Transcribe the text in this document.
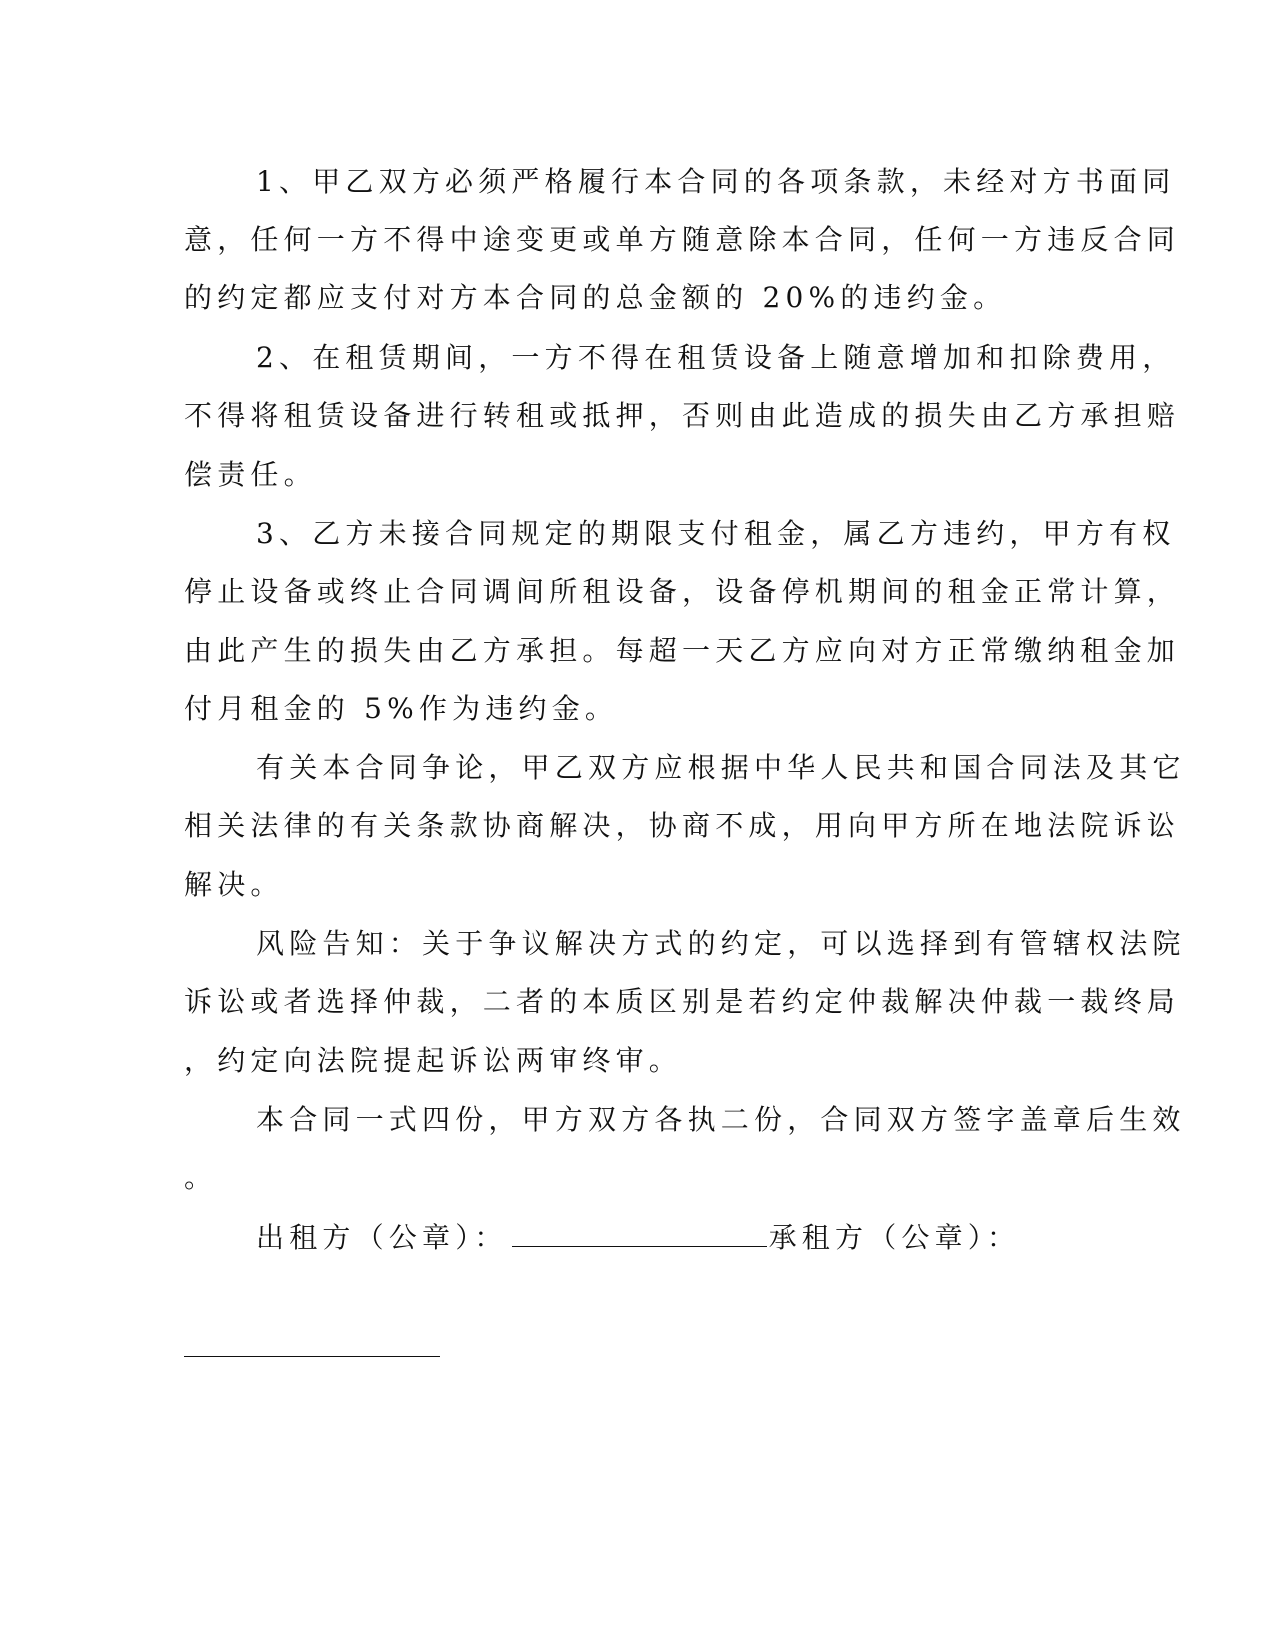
1、甲乙双方必须严格履行本合同的各项条款，未经对方书面同
意，任何一方不得中途变更或单方随意除本合同，任何一方违反合同
的约定都应支付对方本合同的总金额的 20%的违约金。
2、在租赁期间，一方不得在租赁设备上随意增加和扣除费用，
不得将租赁设备进行转租或抵押，否则由此造成的损失由乙方承担赔
偿责任。
3、乙方未接合同规定的期限支付租金，属乙方违约，甲方有权
停止设备或终止合同调间所租设备，设备停机期间的租金正常计算，
由此产生的损失由乙方承担。每超一天乙方应向对方正常缴纳租金加
付月租金的 5%作为违约金。
有关本合同争论，甲乙双方应根据中华人民共和国合同法及其它
相关法律的有关条款协商解决，协商不成，用向甲方所在地法院诉讼
解决。
风险告知：关于争议解决方式的约定，可以选择到有管辖权法院
诉讼或者选择仲裁，二者的本质区别是若约定仲裁解决仲裁一裁终局
，约定向法院提起诉讼两审终审。
本合同一式四份，甲方双方各执二份，合同双方签字盖章后生效
。
出租方（公章）：	承租方（公章）：
